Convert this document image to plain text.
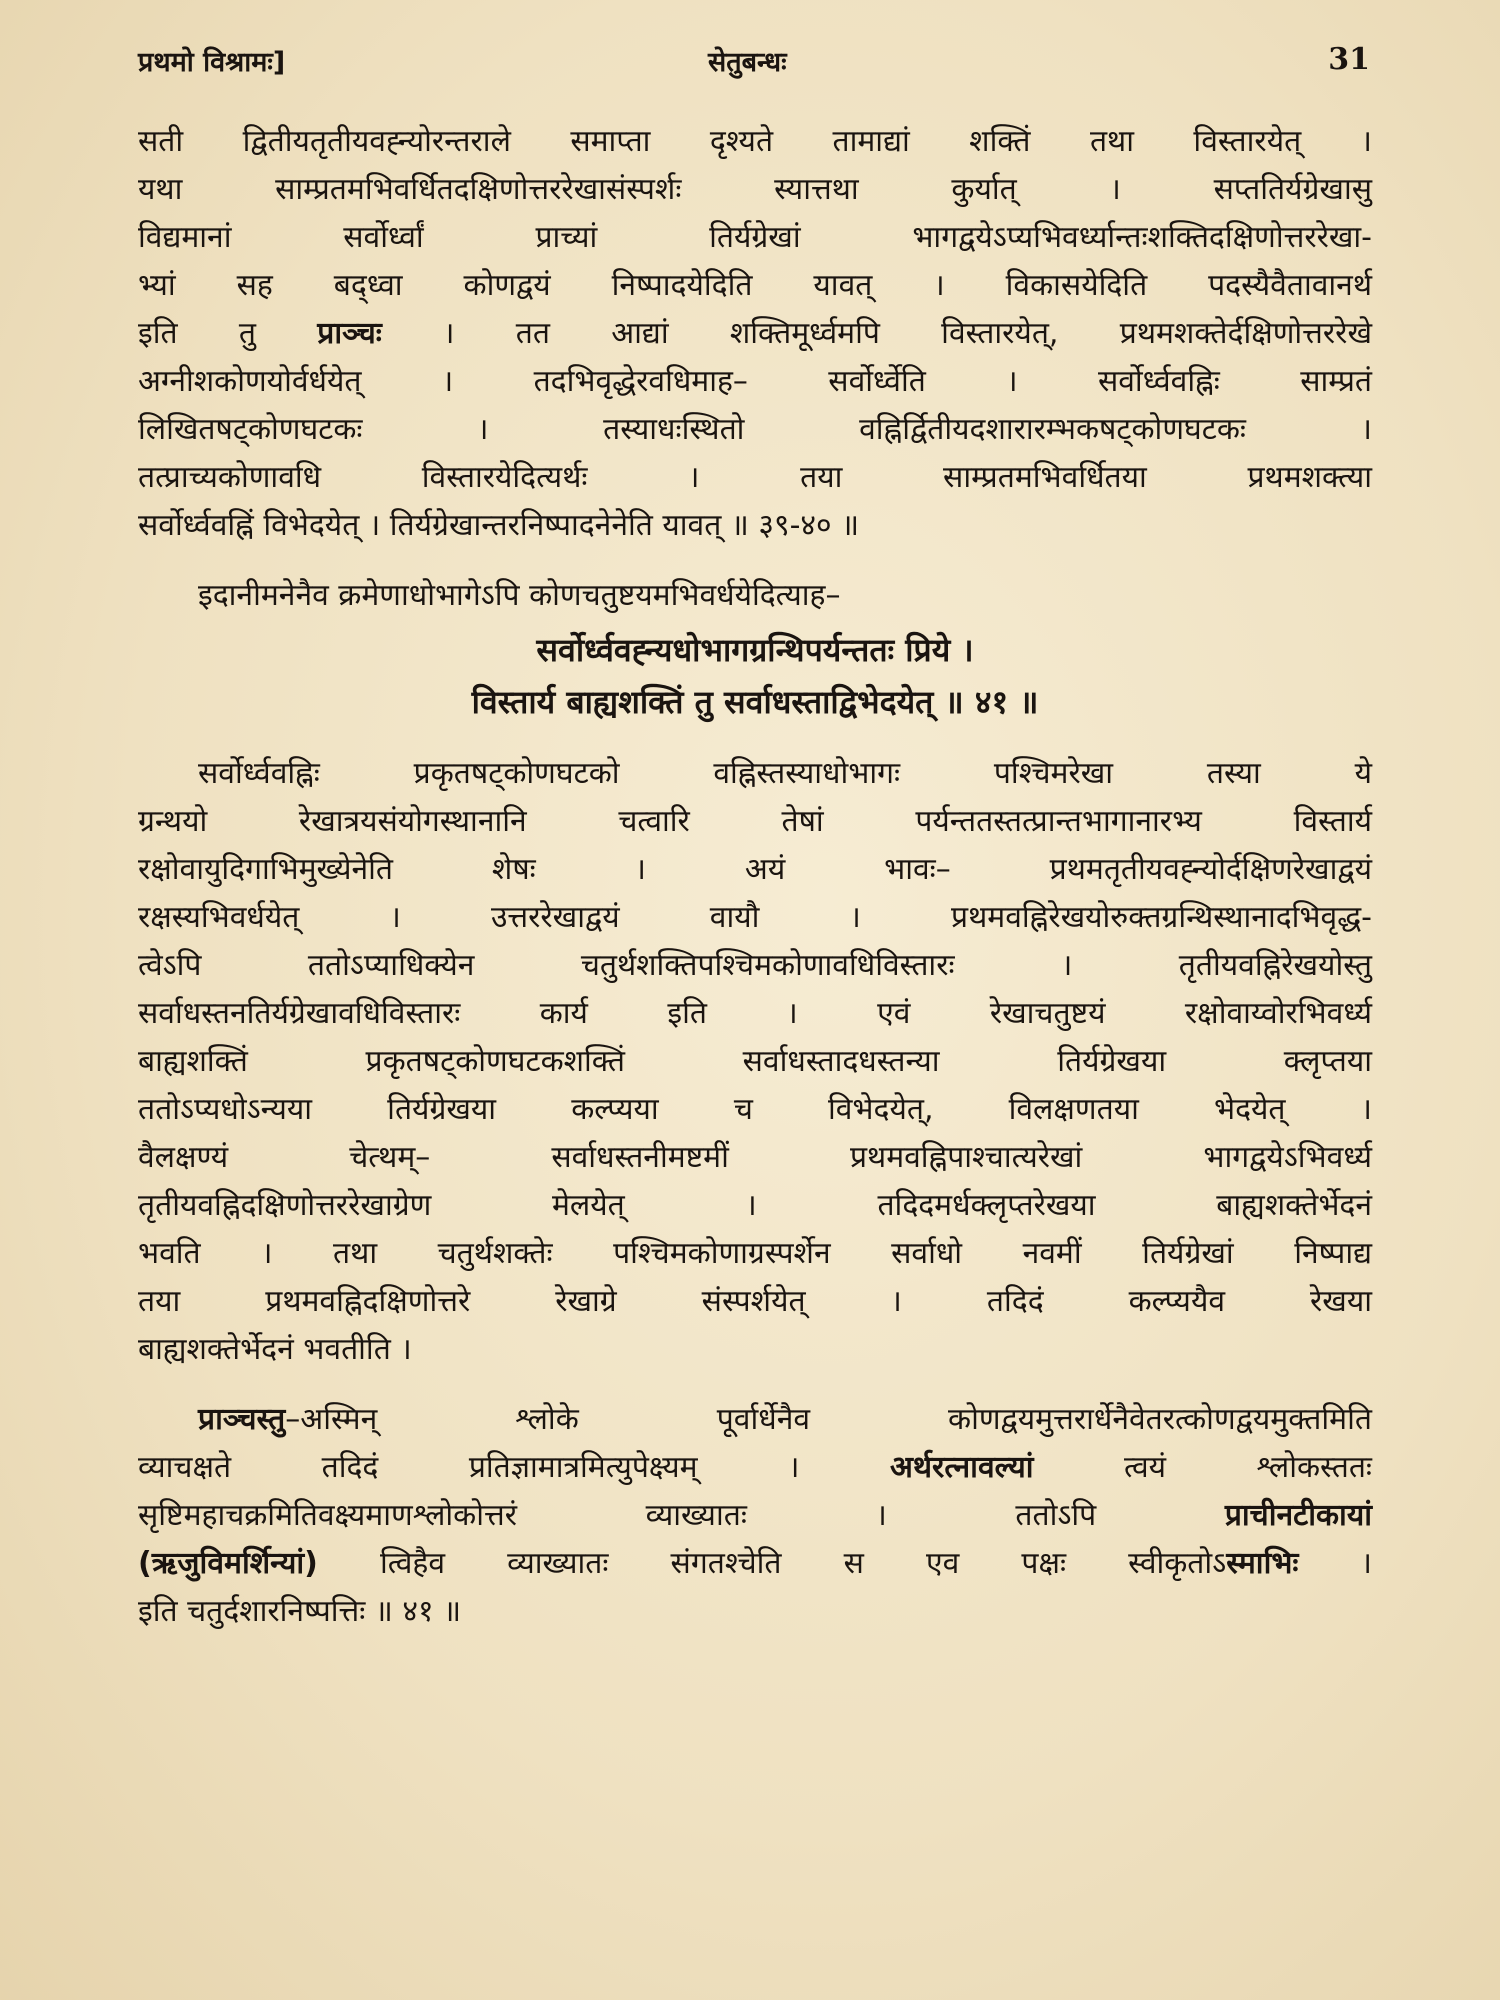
प्रथमो विश्रामः]	सेतुबन्धः	31
सती द्वितीयतृतीयवह्न्योरन्तराले समाप्ता दृश्यते तामाद्यां शक्तिं तथा विस्तारयेत् ।
यथा साम्प्रतमभिवर्धितदक्षिणोत्तररेखासंस्पर्शः स्यात्तथा कुर्यात् । सप्ततिर्यग्रेखासु
विद्यमानां सर्वोर्ध्वां प्राच्यां तिर्यग्रेखां भागद्वयेऽप्यभिवर्ध्यान्तःशक्तिदक्षिणोत्तररेखा-
भ्यां सह बद्ध्वा कोणद्वयं निष्पादयेदिति यावत् । विकासयेदिति पदस्यैवैतावानर्थ
इति तु प्राञ्चः । तत आद्यां शक्तिमूर्ध्वमपि विस्तारयेत्, प्रथमशक्तेर्दक्षिणोत्तररेखे
अग्नीशकोणयोर्वर्धयेत् । तदभिवृद्धेरवधिमाह– सर्वोर्ध्वेति । सर्वोर्ध्ववह्निः साम्प्रतं
लिखितषट्कोणघटकः । तस्याधःस्थितो वह्निर्द्वितीयदशारारम्भकषट्कोणघटकः ।
तत्प्राच्यकोणावधि विस्तारयेदित्यर्थः । तया साम्प्रतमभिवर्धितया प्रथमशक्त्या
सर्वोर्ध्ववह्निं विभेदयेत् । तिर्यग्रेखान्तरनिष्पादनेनेति यावत् ॥ ३९-४० ॥
इदानीमनेनैव क्रमेणाधोभागेऽपि कोणचतुष्टयमभिवर्धयेदित्याह–
सर्वोर्ध्ववह्न्यधोभागग्रन्थिपर्यन्ततः प्रिये ।
विस्तार्य बाह्यशक्तिं तु सर्वाधस्ताद्विभेदयेत् ॥ ४१ ॥
सर्वोर्ध्ववह्निः प्रकृतषट्कोणघटको वह्निस्तस्याधोभागः पश्चिमरेखा तस्या ये
ग्रन्थयो रेखात्रयसंयोगस्थानानि चत्वारि तेषां पर्यन्ततस्तत्प्रान्तभागानारभ्य विस्तार्य
रक्षोवायुदिगाभिमुख्येनेति शेषः । अयं भावः– प्रथमतृतीयवह्न्योर्दक्षिणरेखाद्वयं
रक्षस्यभिवर्धयेत् । उत्तररेखाद्वयं वायौ । प्रथमवह्निरेखयोरुक्तग्रन्थिस्थानादभिवृद्ध-
त्वेऽपि ततोऽप्याधिक्येन चतुर्थशक्तिपश्चिमकोणावधिविस्तारः । तृतीयवह्निरेखयोस्तु
सर्वाधस्तनतिर्यग्रेखावधिविस्तारः कार्य इति । एवं रेखाचतुष्टयं रक्षोवाय्वोरभिवर्ध्य
बाह्यशक्तिं प्रकृतषट्कोणघटकशक्तिं सर्वाधस्तादधस्तन्या तिर्यग्रेखया क्लृप्तया
ततोऽप्यधोऽन्यया तिर्यग्रेखया कल्प्यया च विभेदयेत्, विलक्षणतया भेदयेत् ।
वैलक्षण्यं चेत्थम्– सर्वाधस्तनीमष्टमीं प्रथमवह्निपाश्चात्यरेखां भागद्वयेऽभिवर्ध्य
तृतीयवह्निदक्षिणोत्तररेखाग्रेण मेलयेत् । तदिदमर्धक्लृप्तरेखया बाह्यशक्तेर्भेदनं
भवति । तथा चतुर्थशक्तेः पश्चिमकोणाग्रस्पर्शेन सर्वाधो नवमीं तिर्यग्रेखां निष्पाद्य
तया प्रथमवह्निदक्षिणोत्तरे रेखाग्रे संस्पर्शयेत् । तदिदं कल्प्ययैव रेखया
बाह्यशक्तेर्भेदनं भवतीति ।
प्राञ्चस्तु–अस्मिन् श्लोके पूर्वार्धेनैव कोणद्वयमुत्तरार्धेनैवेतरत्कोणद्वयमुक्तमिति
व्याचक्षते तदिदं प्रतिज्ञामात्रमित्युपेक्ष्यम् । अर्थरत्नावल्यां त्वयं श्लोकस्ततः
सृष्टिमहाचक्रमितिवक्ष्यमाणश्लोकोत्तरं व्याख्यातः । ततोऽपि प्राचीनटीकायां
(ऋजुविमर्शिन्यां) त्विहैव व्याख्यातः संगतश्चेति स एव पक्षः स्वीकृतोऽस्माभिः ।
इति चतुर्दशारनिष्पत्तिः ॥ ४१ ॥
